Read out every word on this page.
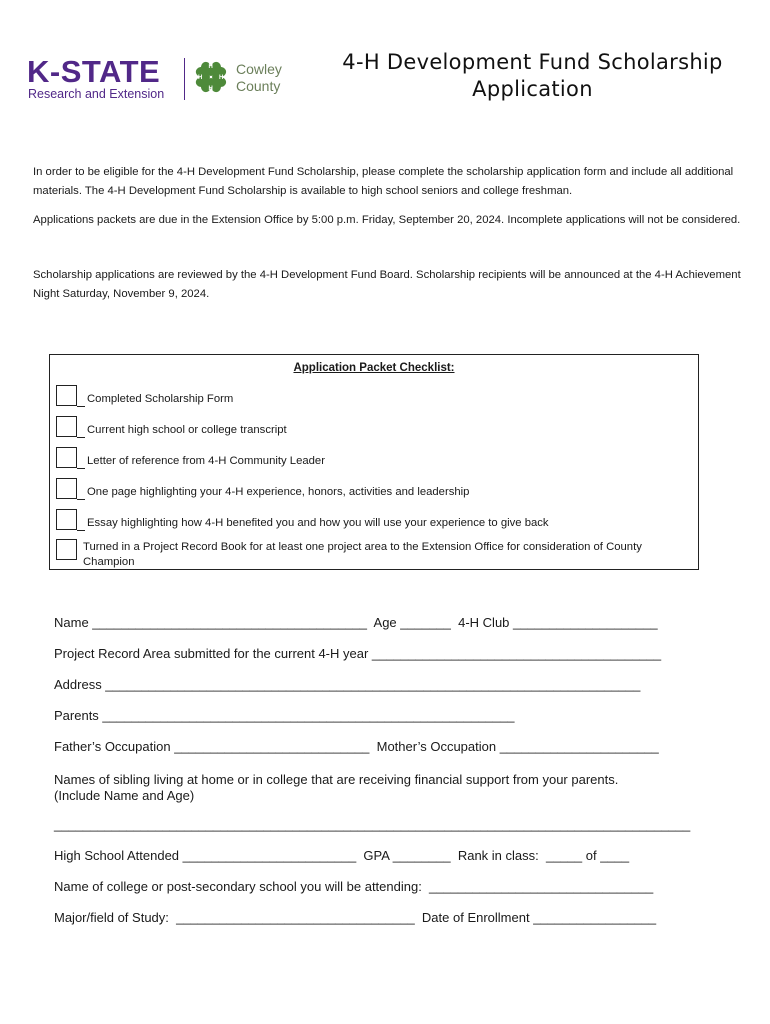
K-STATE
Research and Extension
H
H
H
H
Cowley
County
4-H Development Fund Scholarship
Application

In order to be eligible for the 4-H Development Fund Scholarship, please complete the scholarship application form and include all additional materials. The 4-H Development Fund Scholarship is available to high school seniors and college freshman.

Applications packets are due in the Extension Office by 5:00 p.m. Friday, September 20, 2024. Incomplete applications will not be considered.

Scholarship applications are reviewed by the 4-H Development Fund Board. Scholarship recipients will be announced at the 4-H Achievement Night Saturday, November 9, 2024.

Application Packet Checklist:
Completed Scholarship Form
Current high school or college transcript
Letter of reference from 4-H Community Leader
One page highlighting your 4-H experience, honors, activities and leadership
Essay highlighting how 4-H benefited you and how you will use your experience to give back
Turned in a Project Record Book for at least one project area to the Extension Office for consideration of County Champion
Name ______________________________________  Age _______  4-H Club ____________________
Project Record Area submitted for the current 4-H year ________________________________________
Address __________________________________________________________________________
Parents _________________________________________________________
Father’s Occupation ___________________________  Mother’s Occupation ______________________
Names of sibling living at home or in college that are receiving financial support from your parents.
(Include Name and Age)
________________________________________________________________________________________
High School Attended ________________________  GPA ________  Rank in class:  _____ of ____
Name of college or post-secondary school you will be attending:  _______________________________
Major/field of Study:  _________________________________  Date of Enrollment _________________
